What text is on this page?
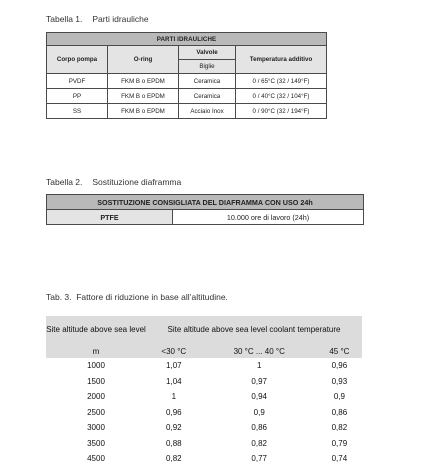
Tabella 1. Parti idrauliche
PARTI IDRAULICHE			
Corpo pompa	O-ring	Valvole	Temperatura additivo
		Biglie	
PVDF	FKM B o EPDM	Ceramica	0 / 65°C (32 / 149°F)
PP	FKM B o EPDM	Ceramica	0 / 40°C (32 / 104°F)
SS	FKM B o EPDM	Acciaio Inox	0 / 90°C (32 / 194°F)
Tabella 2. Sostituzione diaframma
SOSTITUZIONE CONSIGLIATA DEL DIAFRAMMA CON USO 24h
PTFE	10.000 ore di lavoro (24h)
Tab. 3.  Fattore di riduzione in base all’altitudine.
Site altitude above sea level	Site altitude above sea level coolant temperature		
m	<30 °C	30 °C ... 40 °C	45 °C
1000	1,07	1	0,96
1500	1,04	0,97	0,93
2000	1	0,94	0,9
2500	0,96	0,9	0,86
3000	0,92	0,86	0,82
3500	0,88	0,82	0,79
4500	0,82	0,77	0,74
